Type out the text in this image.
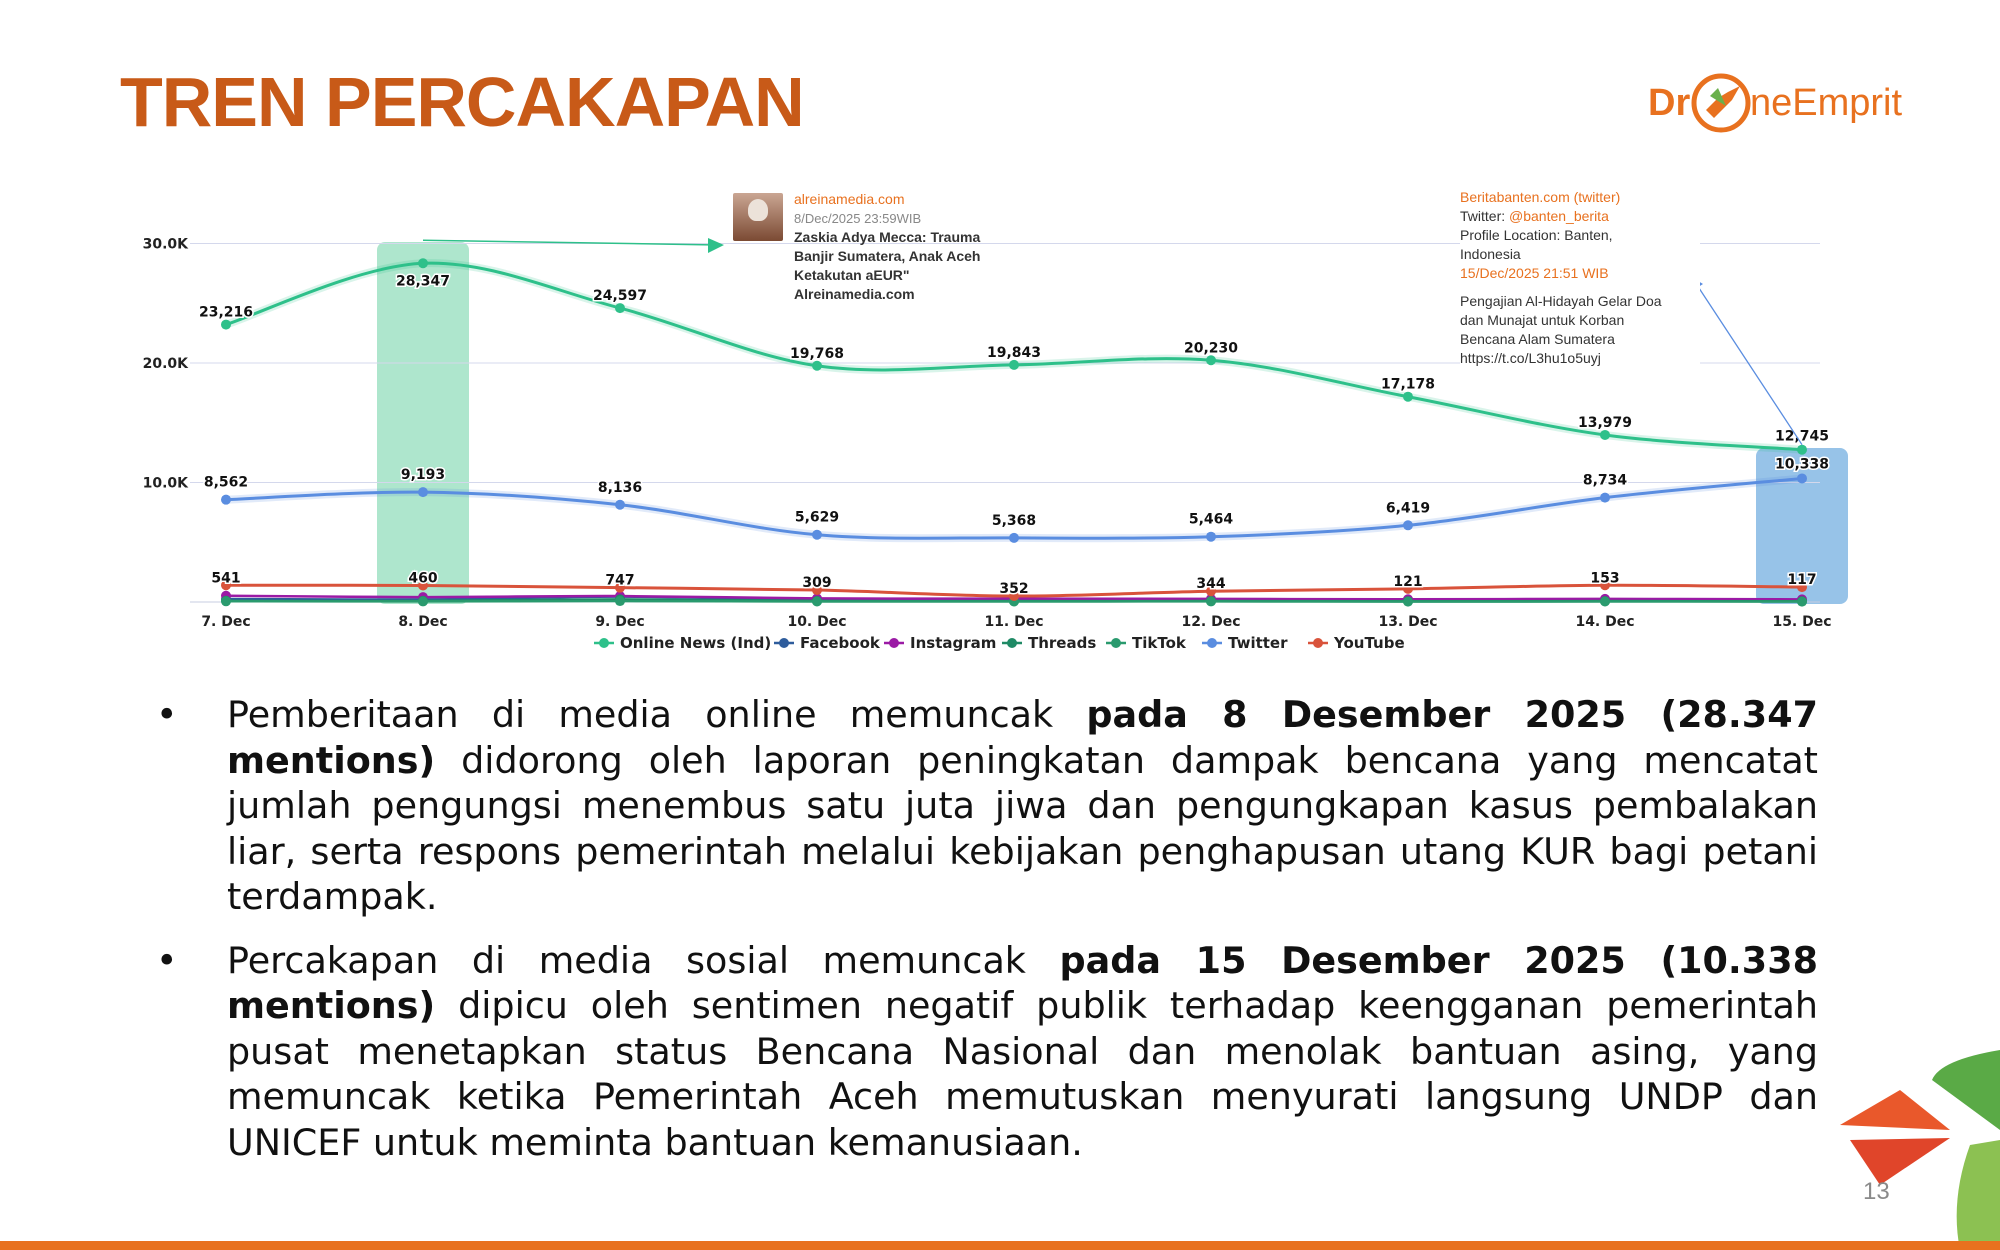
TREN PERCAKAPAN	Dr neEmprit
10.0K
20.0K
30.0K
7. Dec	8. Dec	9. Dec	10. Dec	11. Dec	12. Dec	13. Dec	14. Dec	15. Dec
23,216
28,347
24,597
19,768	19,843	20,230
17,178
13,979
12,745
8,562	9,193
8,136
5,629	5,368	5,464
6,419
8,734
10,338
541	460	747	309	352	344	121	153	117
Online News (Ind) Facebook Instagram Threads TikTok	Twitter	YouTube
alreinamedia.com
8/Dec/2025 23:59WIB
Zaskia Adya Mecca: Trauma
Banjir Sumatera, Anak Aceh
Ketakutan aEUR"
Alreinamedia.com
Beritabanten.com (twitter)
Twitter: @banten_berita
Profile Location: Banten,
Indonesia
15/Dec/2025 21:51 WIB
Pengajian Al-Hidayah Gelar Doa
dan Munajat untuk Korban
Bencana Alam Sumatera
https://t.co/L3hu1o5uyj
• Pemberitaan di media online memuncak pada 8 Desember 2025 (28.347 mentions) didorong oleh laporan peningkatan dampak bencana yang mencatat jumlah pengungsi menembus satu juta jiwa dan pengungkapan kasus pembalakan liar, serta respons pemerintah melalui kebijakan penghapusan utang KUR bagi petani terdampak.
• Percakapan di media sosial memuncak pada 15 Desember 2025 (10.338 mentions) dipicu oleh sentimen negatif publik terhadap keengganan pemerintah pusat menetapkan status Bencana Nasional dan menolak bantuan asing, yang memuncak ketika Pemerintah Aceh memutuskan menyurati langsung UNDP dan UNICEF untuk meminta bantuan kemanusiaan.
13
